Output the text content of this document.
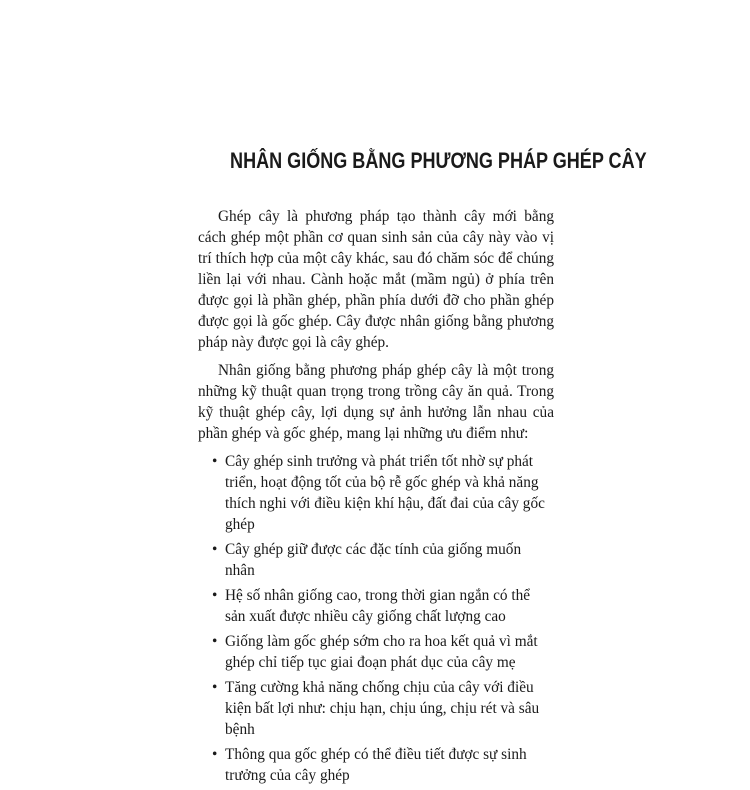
NHÂN GIỐNG BẰNG PHƯƠNG PHÁP GHÉP CÂY

Ghép cây là phương pháp tạo thành cây mới bằng cách ghép một phần cơ quan sinh sản của cây này vào vị trí thích hợp của một cây khác, sau đó chăm sóc để chúng liền lại với nhau. Cành hoặc mắt (mầm ngủ) ở phía trên được gọi là phần ghép, phần phía dưới đỡ cho phần ghép được gọi là gốc ghép. Cây được nhân giống bằng phương pháp này được gọi là cây ghép.

Nhân giống bằng phương pháp ghép cây là một trong những kỹ thuật quan trọng trong trồng cây ăn quả. Trong kỹ thuật ghép cây, lợi dụng sự ảnh hưởng lẫn nhau của phần ghép và gốc ghép, mang lại những ưu điểm như:

• Cây ghép sinh trưởng và phát triển tốt nhờ sự phát triển, hoạt động tốt của bộ rễ gốc ghép và khả năng thích nghi với điều kiện khí hậu, đất đai của cây gốc ghép
• Cây ghép giữ được các đặc tính của giống muốn nhân
• Hệ số nhân giống cao, trong thời gian ngắn có thể sản xuất được nhiều cây giống chất lượng cao
• Giống làm gốc ghép sớm cho ra hoa kết quả vì mắt ghép chỉ tiếp tục giai đoạn phát dục của cây mẹ
• Tăng cường khả năng chống chịu của cây với điều kiện bất lợi như: chịu hạn, chịu úng, chịu rét và sâu bệnh
• Thông qua gốc ghép có thể điều tiết được sự sinh trưởng của cây ghép
